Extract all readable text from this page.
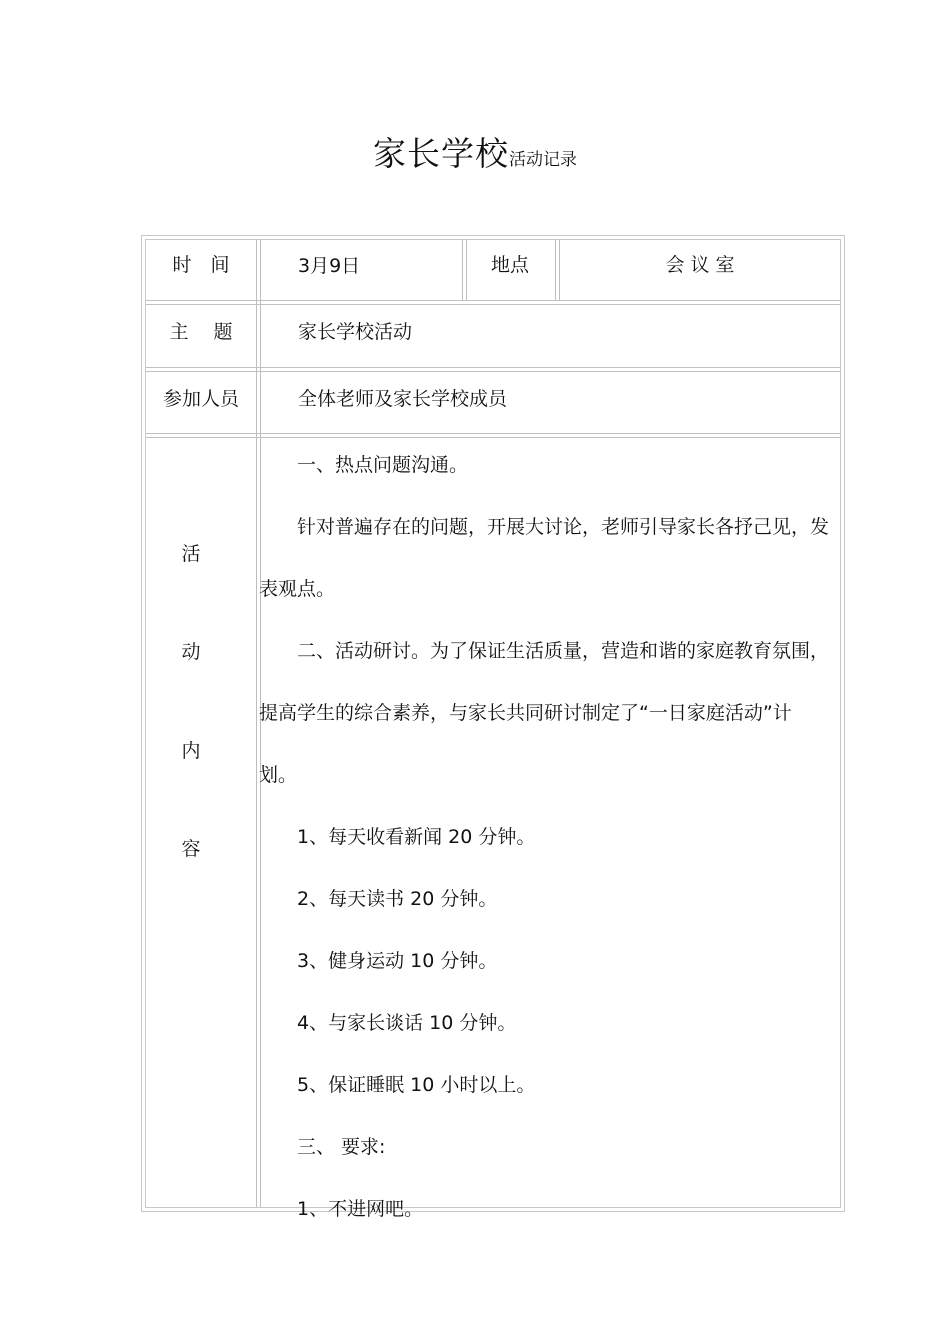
家长学校活动记录
时　间	3月9日	地点	会 议 室
主　 题	家长学校活动
参加人员	全体老师及家长学校成员
活
动
内
容

一、热点问题沟通。

针对普遍存在的问题，开展大讨论，老师引导家长各抒己见，发

表观点。

二、活动研讨。为了保证生活质量，营造和谐的家庭教育氛围，

提高学生的综合素养，与家长共同研讨制定了“一日家庭活动”计

划。

1、每天收看新闻 20 分钟。

2、每天读书 20 分钟。

3、健身运动 10 分钟。

4、与家长谈话 10 分钟。

5、保证睡眠 10 小时以上。

三、 要求:

1、不进网吧。
